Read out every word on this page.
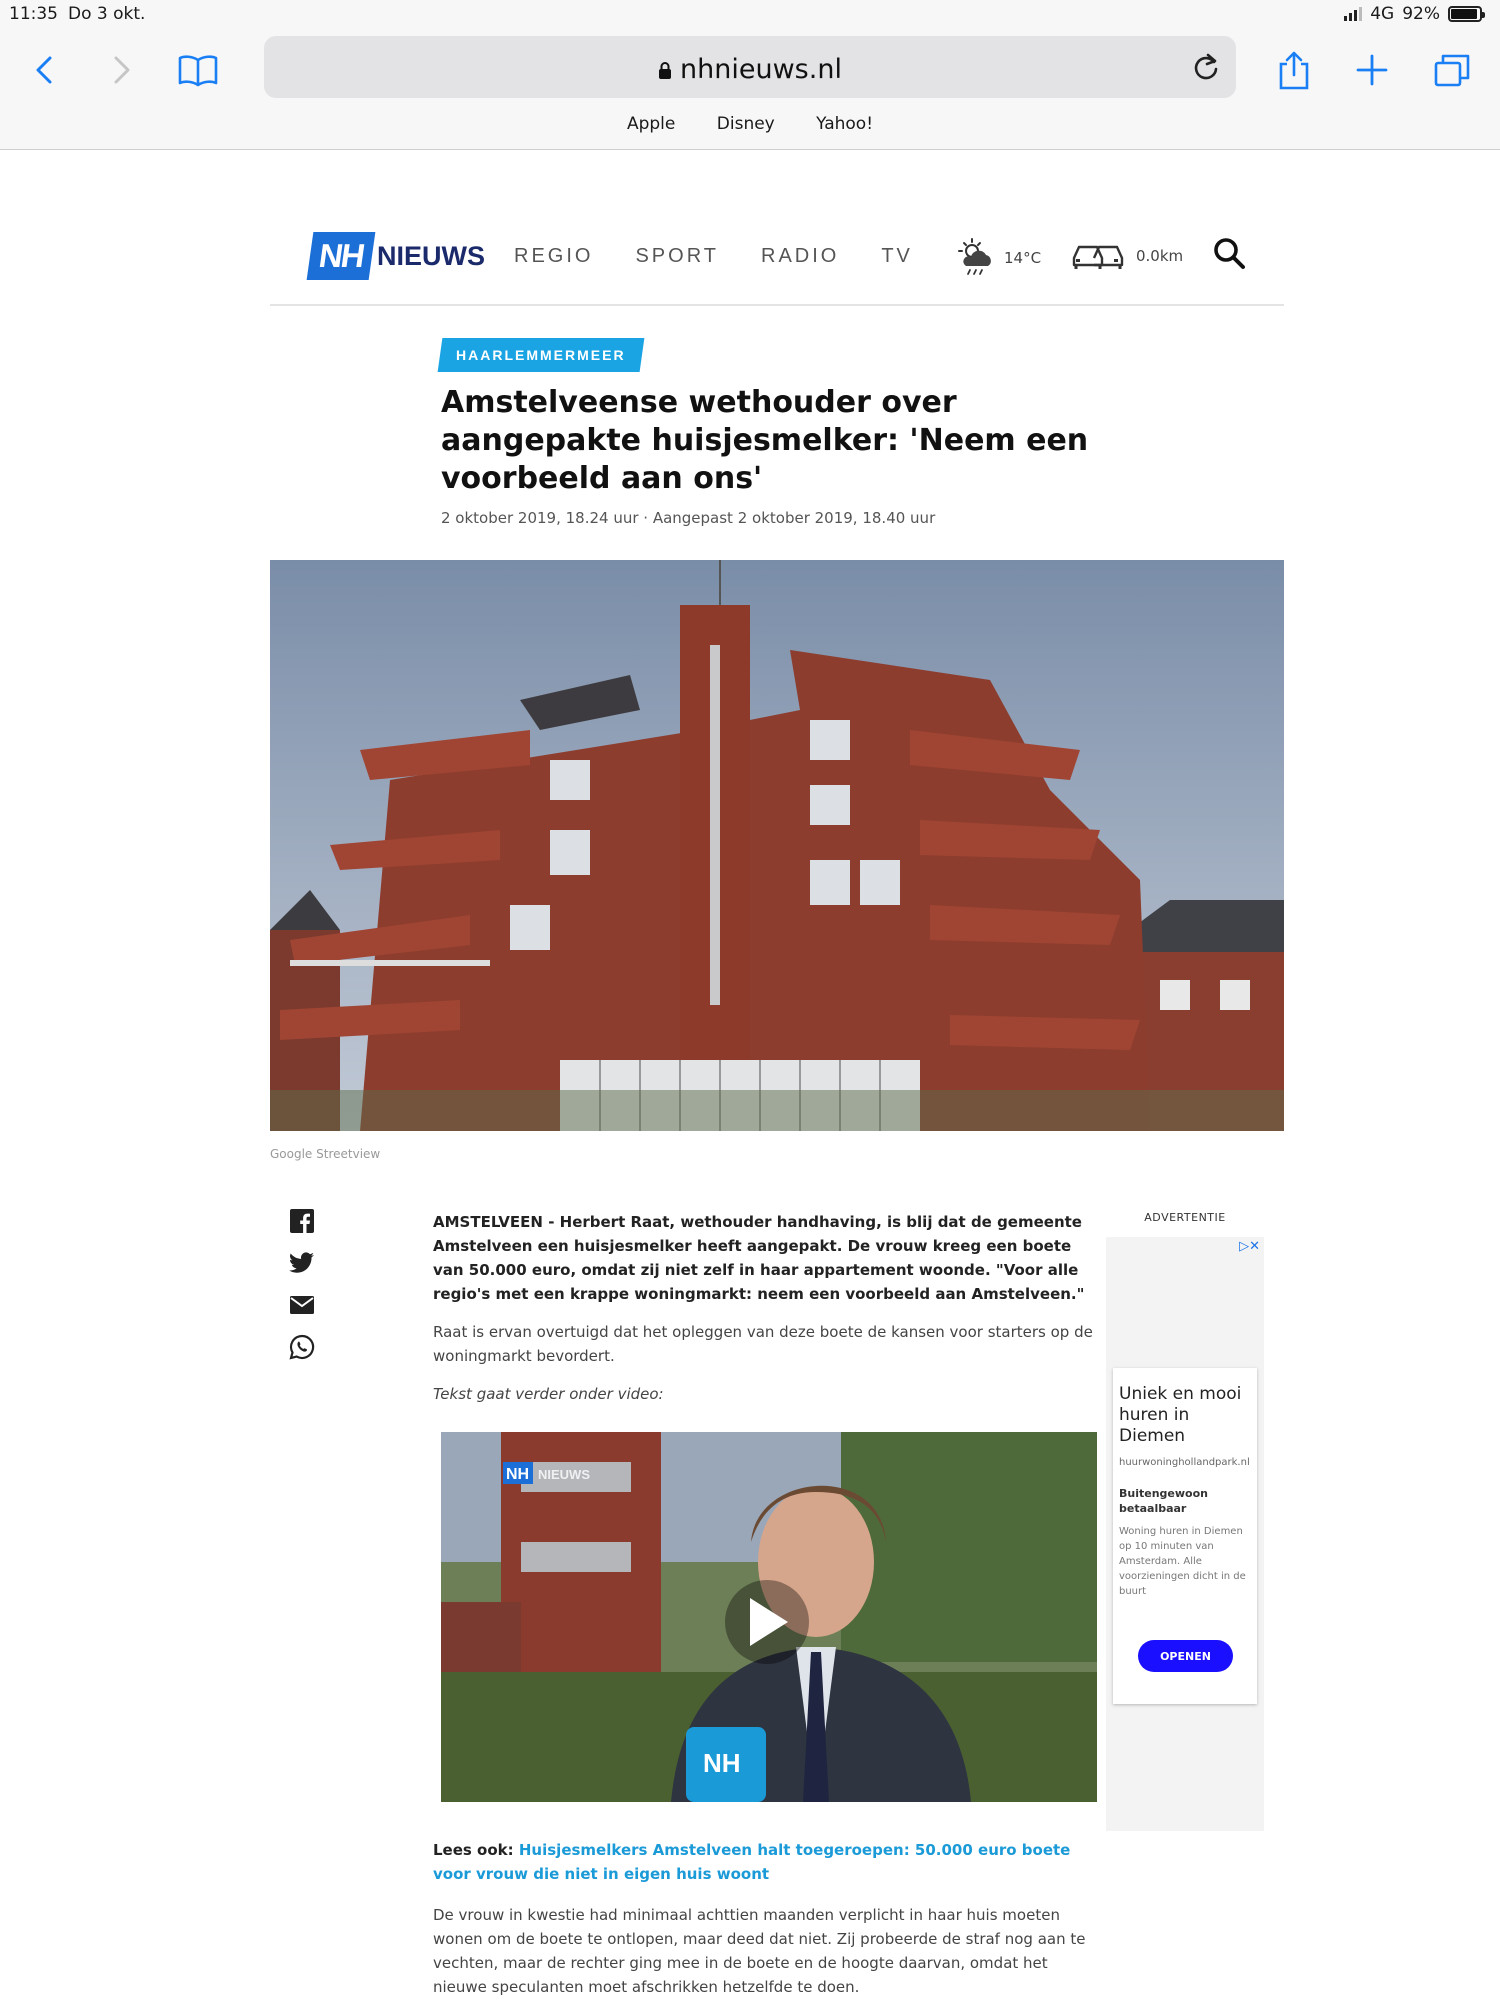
11:35 Do 3 okt.	4G 92%
nhnieuws.nl
Apple Disney Yahoo!
NH NIEUWS REGIO SPORT RADIO TV	14°C	0.0km
HAARLEMMERMEER
Amstelveense wethouder over aangepakte huisjesmelker: 'Neem een voorbeeld aan ons'
2 oktober 2019, 18.24 uur · Aangepast 2 oktober 2019, 18.40 uur
Google Streetview

AMSTELVEEN - Herbert Raat, wethouder handhaving, is blij dat de gemeente Amstelveen een huisjesmelker heeft aangepakt. De vrouw kreeg een boete van 50.000 euro, omdat zij niet zelf in haar appartement woonde. "Voor alle regio's met een krappe woningmarkt: neem een voorbeeld aan Amstelveen."

Raat is ervan overtuigd dat het opleggen van deze boete de kansen voor starters op de woningmarkt bevordert.

Tekst gaat verder onder video:

NH
NH NIEUWS
Lees ook: Huisjesmelkers Amstelveen halt toegeroepen: 50.000 euro boete voor vrouw die niet in eigen huis woont

De vrouw in kwestie had minimaal achttien maanden verplicht in haar huis moeten wonen om de boete te ontlopen, maar deed dat niet. Zij probeerde de straf nog aan te vechten, maar de rechter ging mee in de boete en de hoogte daarvan, omdat het nieuwe speculanten moet afschrikken hetzelfde te doen.

ADVERTENTIE
▷✕
Uniek en mooi huren in Diemen
huurwoninghollandpark.nl
Buitengewoon betaalbaar
Woning huren in Diemen op 10 minuten van Amsterdam. Alle voorzieningen dicht in de buurt
OPENEN
